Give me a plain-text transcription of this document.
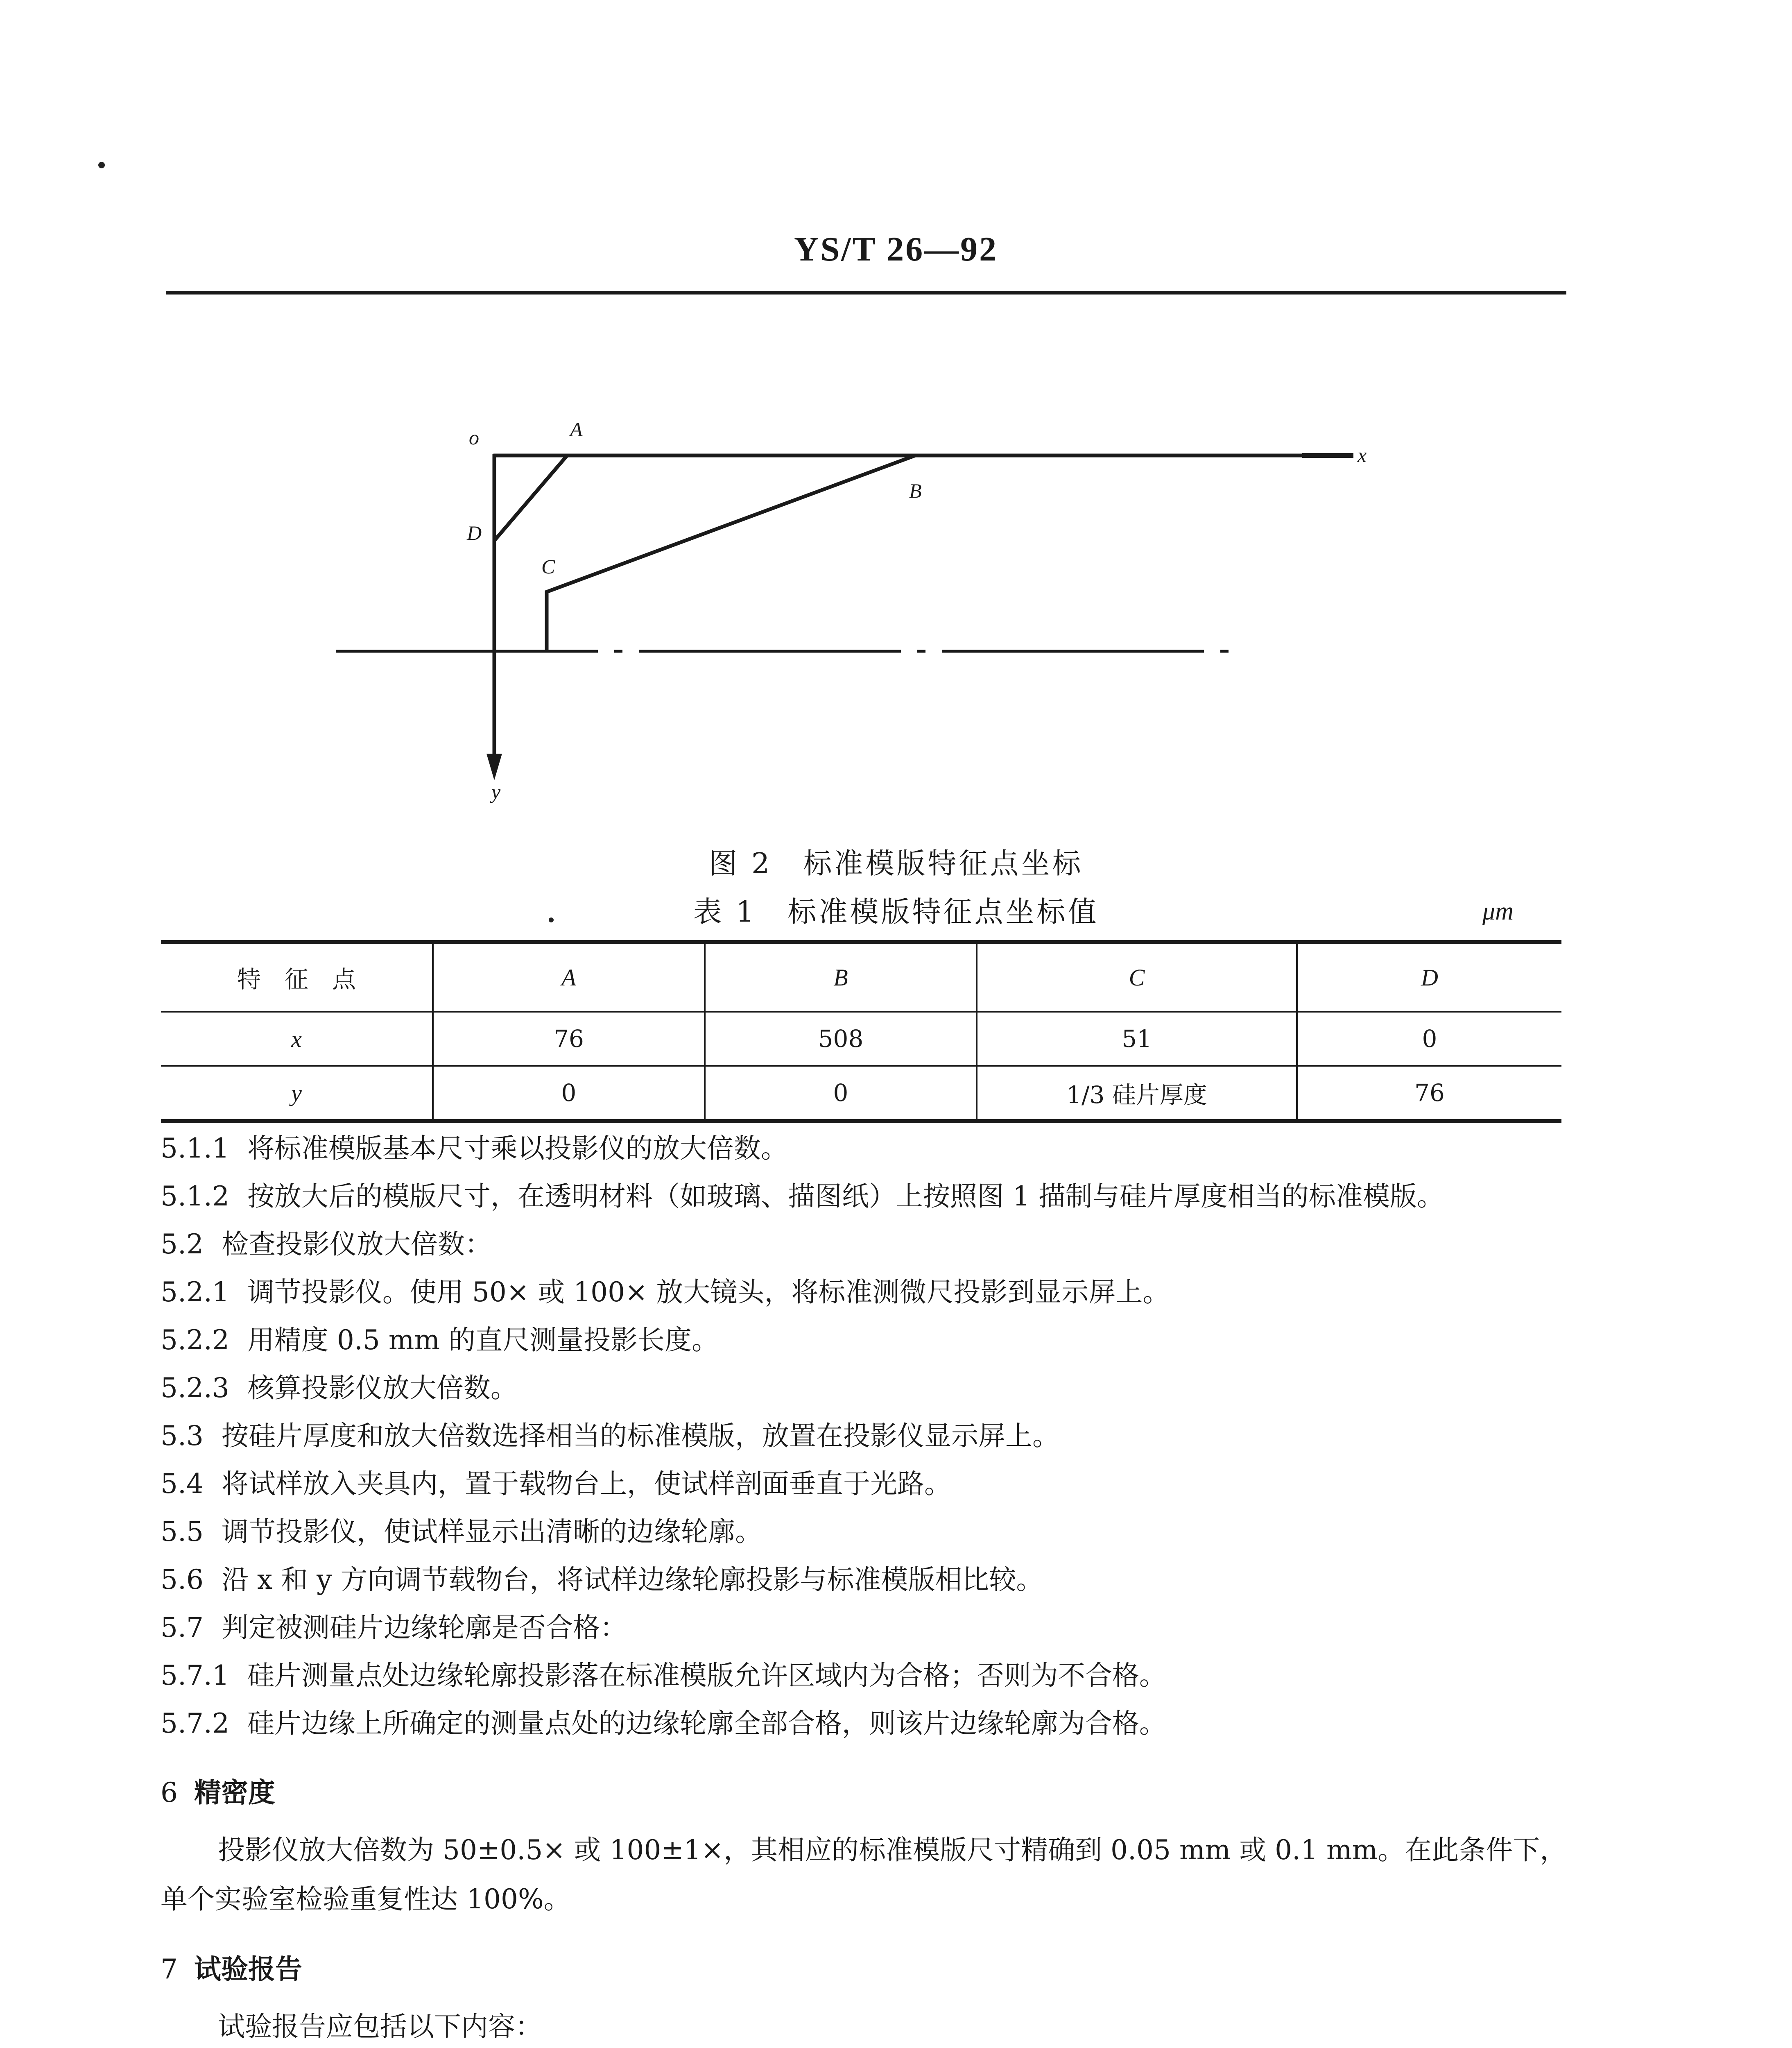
YS/T 26—92
o	A
B
C
D
x
y
图 2　标准模版特征点坐标
表 1　标准模版特征点坐标值	μm
特　征　点	A	B	C	D
x	76	508	51	0
y	0	0	1/3 硅片厚度	76
5.1.1 将标准模版基本尺寸乘以投影仪的放大倍数。
5.1.2 按放大后的模版尺寸，在透明材料（如玻璃、描图纸）上按照图 1 描制与硅片厚度相当的标准模版。
5.2 检查投影仪放大倍数：
5.2.1 调节投影仪。使用 50× 或 100× 放大镜头，将标准测微尺投影到显示屏上。
5.2.2 用精度 0.5 mm 的直尺测量投影长度。
5.2.3 核算投影仪放大倍数。
5.3 按硅片厚度和放大倍数选择相当的标准模版，放置在投影仪显示屏上。
5.4 将试样放入夹具内，置于载物台上，使试样剖面垂直于光路。
5.5 调节投影仪，使试样显示出清晰的边缘轮廓。
5.6 沿 x 和 y 方向调节载物台，将试样边缘轮廓投影与标准模版相比较。
5.7 判定被测硅片边缘轮廓是否合格：
5.7.1 硅片测量点处边缘轮廓投影落在标准模版允许区域内为合格；否则为不合格。
5.7.2 硅片边缘上所确定的测量点处的边缘轮廓全部合格，则该片边缘轮廓为合格。
6 精密度
投影仪放大倍数为 50±0.5× 或 100±1×，其相应的标准模版尺寸精确到 0.05 mm 或 0.1 mm。在此条件下，单个实验室检验重复性达 100%。
7 试验报告
试验报告应包括以下内容：
